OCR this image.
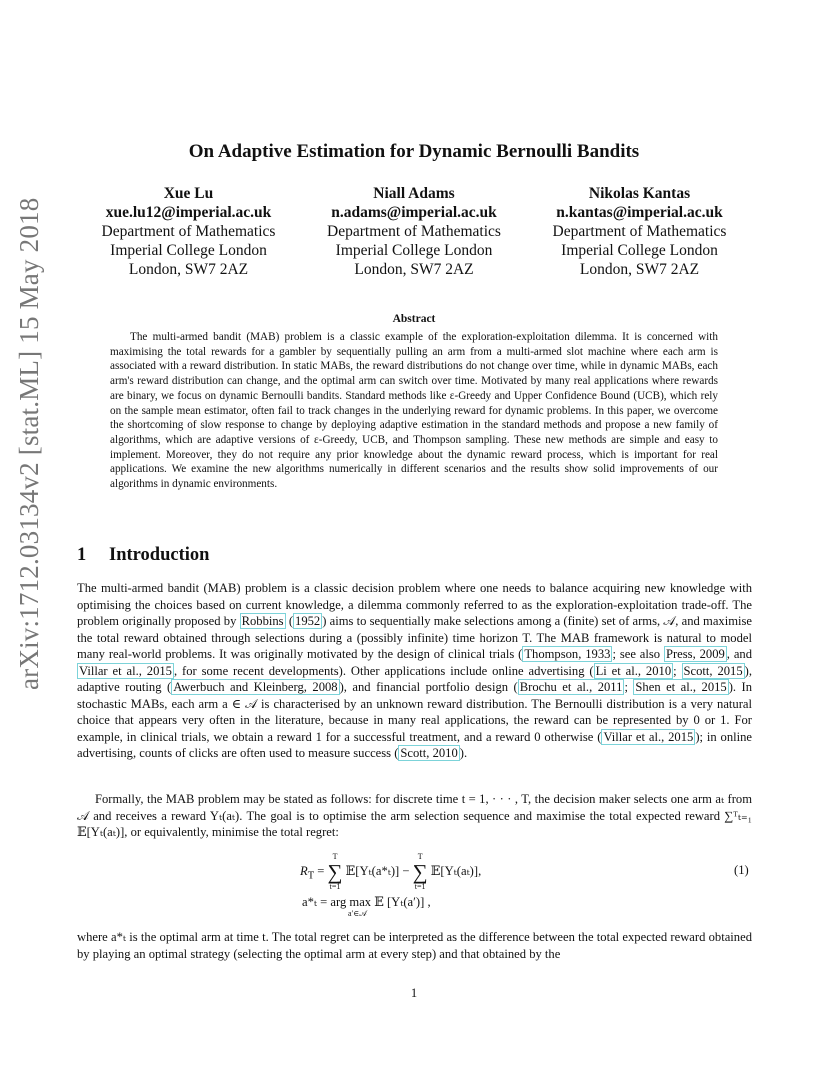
arXiv:1712.03134v2 [stat.ML] 15 May 2018
On Adaptive Estimation for Dynamic Bernoulli Bandits
Xue Lu
xue.lu12@imperial.ac.uk
Department of Mathematics
Imperial College London
London, SW7 2AZ
Niall Adams
n.adams@imperial.ac.uk
Department of Mathematics
Imperial College London
London, SW7 2AZ
Nikolas Kantas
n.kantas@imperial.ac.uk
Department of Mathematics
Imperial College London
London, SW7 2AZ
Abstract
The multi-armed bandit (MAB) problem is a classic example of the exploration-exploitation dilemma. It is concerned with maximising the total rewards for a gambler by sequentially pulling an arm from a multi-armed slot machine where each arm is associated with a reward distribution. In static MABs, the reward distributions do not change over time, while in dynamic MABs, each arm's reward distribution can change, and the optimal arm can switch over time. Motivated by many real applications where rewards are binary, we focus on dynamic Bernoulli bandits. Standard methods like ε-Greedy and Upper Confidence Bound (UCB), which rely on the sample mean estimator, often fail to track changes in the underlying reward for dynamic problems. In this paper, we overcome the shortcoming of slow response to change by deploying adaptive estimation in the standard methods and propose a new family of algorithms, which are adaptive versions of ε-Greedy, UCB, and Thompson sampling. These new methods are simple and easy to implement. Moreover, they do not require any prior knowledge about the dynamic reward process, which is important for real applications. We examine the new algorithms numerically in different scenarios and the results show solid improvements of our algorithms in dynamic environments.
1 Introduction
The multi-armed bandit (MAB) problem is a classic decision problem where one needs to balance acquiring new knowledge with optimising the choices based on current knowledge, a dilemma commonly referred to as the exploration-exploitation trade-off. The problem originally proposed by Robbins ( 1952 ) aims to sequentially make selections among a (finite) set of arms, 𝒜, and maximise the total reward obtained through selections during a (possibly infinite) time horizon T. The MAB framework is natural to model many real-world problems. It was originally motivated by the design of clinical trials ( Thompson, 1933 ; see also Press, 2009 , and Villar et al., 2015 , for some recent developments). Other applications include online advertising ( Li et al., 2010 ; Scott, 2015 ), adaptive routing ( Awerbuch and Kleinberg, 2008 ), and financial portfolio design ( Brochu et al., 2011 ; Shen et al., 2015 ). In stochastic MABs, each arm a ∈ 𝒜 is characterised by an unknown reward distribution. The Bernoulli distribution is a very natural choice that appears very often in the literature, because in many real applications, the reward can be represented by 0 or 1. For example, in clinical trials, we obtain a reward 1 for a successful treatment, and a reward 0 otherwise ( Villar et al., 2015 ); in online advertising, counts of clicks are often used to measure success ( Scott, 2010 ).
Formally, the MAB problem may be stated as follows: for discrete time t = 1, · · · , T, the decision maker selects one arm aₜ from 𝒜 and receives a reward Yₜ(aₜ). The goal is to optimise the arm selection sequence and maximise the total expected reward ∑ᵀₜ₌₁ 𝔼[Yₜ(aₜ)], or equivalently, minimise the total regret:
$R_T$ =
T
∑
t=1
𝔼[Yₜ(a*ₜ)] −
T
∑
t=1
𝔼[Yₜ(aₜ)],
a*ₜ = arg max 𝔼 [Yₜ(a′)] ,
a′∈𝒜
(1)
where a*ₜ is the optimal arm at time t. The total regret can be interpreted as the difference between the total expected reward obtained by playing an optimal strategy (selecting the optimal arm at every step) and that obtained by the
1
